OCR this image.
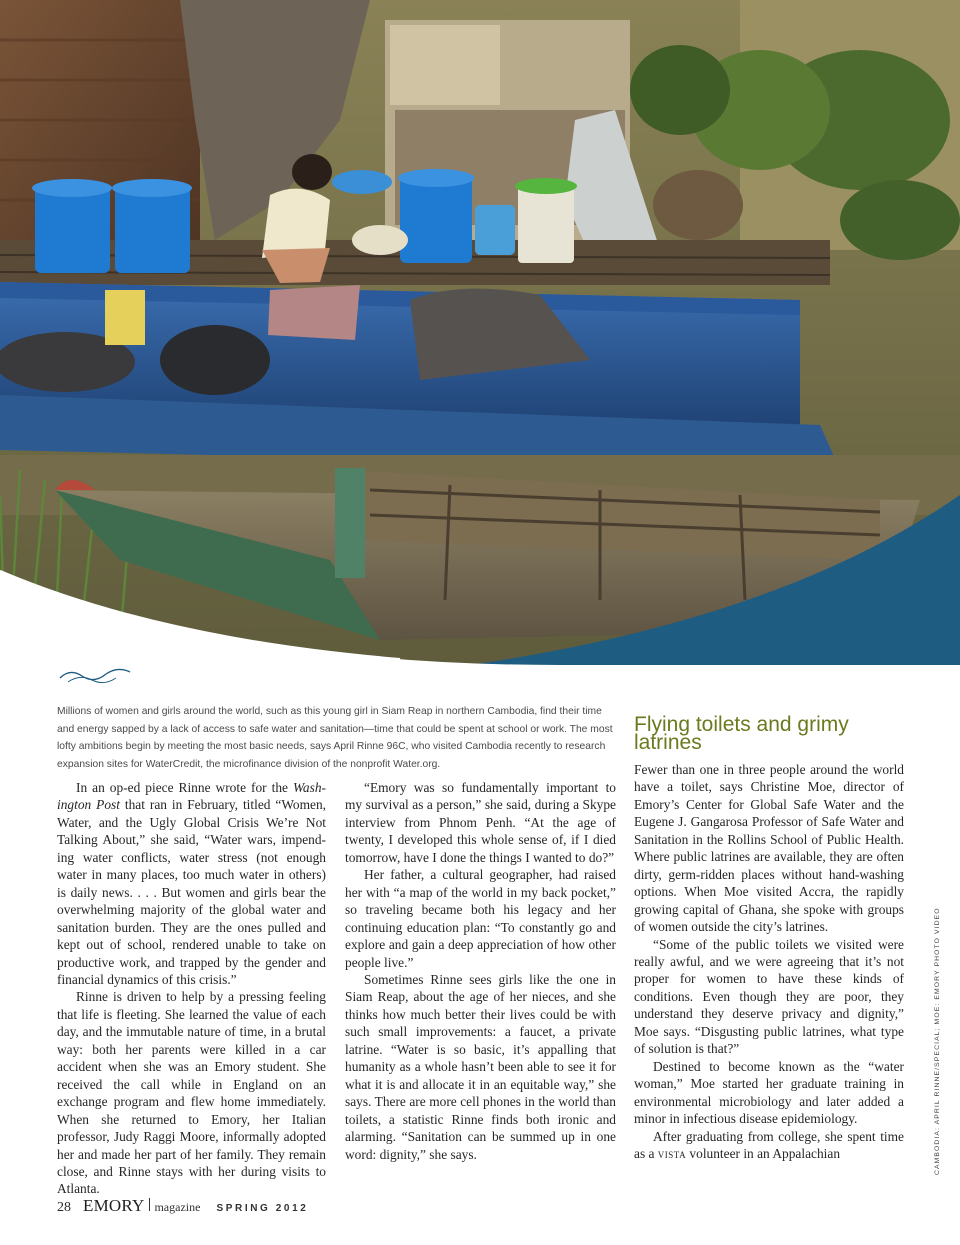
Millions of women and girls around the world, such as this young girl in Siam Reap in northern Cambodia, find their time and energy sapped by a lack of access to safe water and sanitation—time that could be spent at school or work. The most lofty ambitions begin by meeting the most basic needs, says April Rinne 96C, who visited Cambodia recently to research expansion sites for WaterCredit, the microfinance division of the nonprofit Water.org.

In an op-ed piece Rinne wrote for the Washington Post that ran in February, titled “Women, Water, and the Ugly Global Crisis We’re Not Talking About,” she said, “Water wars, impending water conflicts, water stress (not enough water in many places, too much water in others) is daily news. . . . But women and girls bear the overwhelming majority of the global water and sanitation burden. They are the ones pulled and kept out of school, rendered unable to take on productive work, and trapped by the gender and financial dynamics of this crisis.”

Rinne is driven to help by a pressing feeling that life is fleeting. She learned the value of each day, and the immutable nature of time, in a brutal way: both her parents were killed in a car accident when she was an Emory student. She received the call while in England on an exchange program and flew home immediately. When she returned to Emory, her Italian professor, Judy Raggi Moore, informally adopted her and made her part of her family. They remain close, and Rinne stays with her during visits to Atlanta.

“Emory was so fundamentally important to my survival as a person,” she said, during a Skype interview from Phnom Penh. “At the age of twenty, I developed this whole sense of, if I died tomorrow, have I done the things I wanted to do?”

Her father, a cultural geographer, had raised her with “a map of the world in my back pocket,” so traveling became both his legacy and her continuing education plan: “To constantly go and explore and gain a deep appreciation of how other people live.”

Sometimes Rinne sees girls like the one in Siam Reap, about the age of her nieces, and she thinks how much better their lives could be with such small improvements: a faucet, a private latrine. “Water is so basic, it’s appalling that humanity as a whole hasn’t been able to see it for what it is and allocate it in an equitable way,” she says. There are more cell phones in the world than toilets, a statistic Rinne finds both ironic and alarming. “Sanitation can be summed up in one word: dignity,” she says.

Flying toilets and grimy latrines

Fewer than one in three people around the world have a toilet, says Christine Moe, director of Emory’s Center for Global Safe Water and the Eugene J. Gangarosa Professor of Safe Water and Sanitation in the Rollins School of Public Health. Where public latrines are available, they are often dirty, germ-ridden places without hand-washing options. When Moe visited Accra, the rapidly growing capital of Ghana, she spoke with groups of women outside the city’s latrines.

“Some of the public toilets we visited were really awful, and we were agreeing that it’s not proper for women to have these kinds of conditions. Even though they are poor, they understand they deserve privacy and dignity,” Moe says. “Disgusting public latrines, what type of solution is that?”

Destined to become known as the “water woman,” Moe started her graduate training in environmental microbiology and later added a minor in infectious disease epidemiology.

After graduating from college, she spent time as a vista volunteer in an Appalachian	CAMBODIA: APRIL RINNE/SPECIAL; MOE: EMORY PHOTO VIDEO
28 EMORY magazine SPRING 2012
